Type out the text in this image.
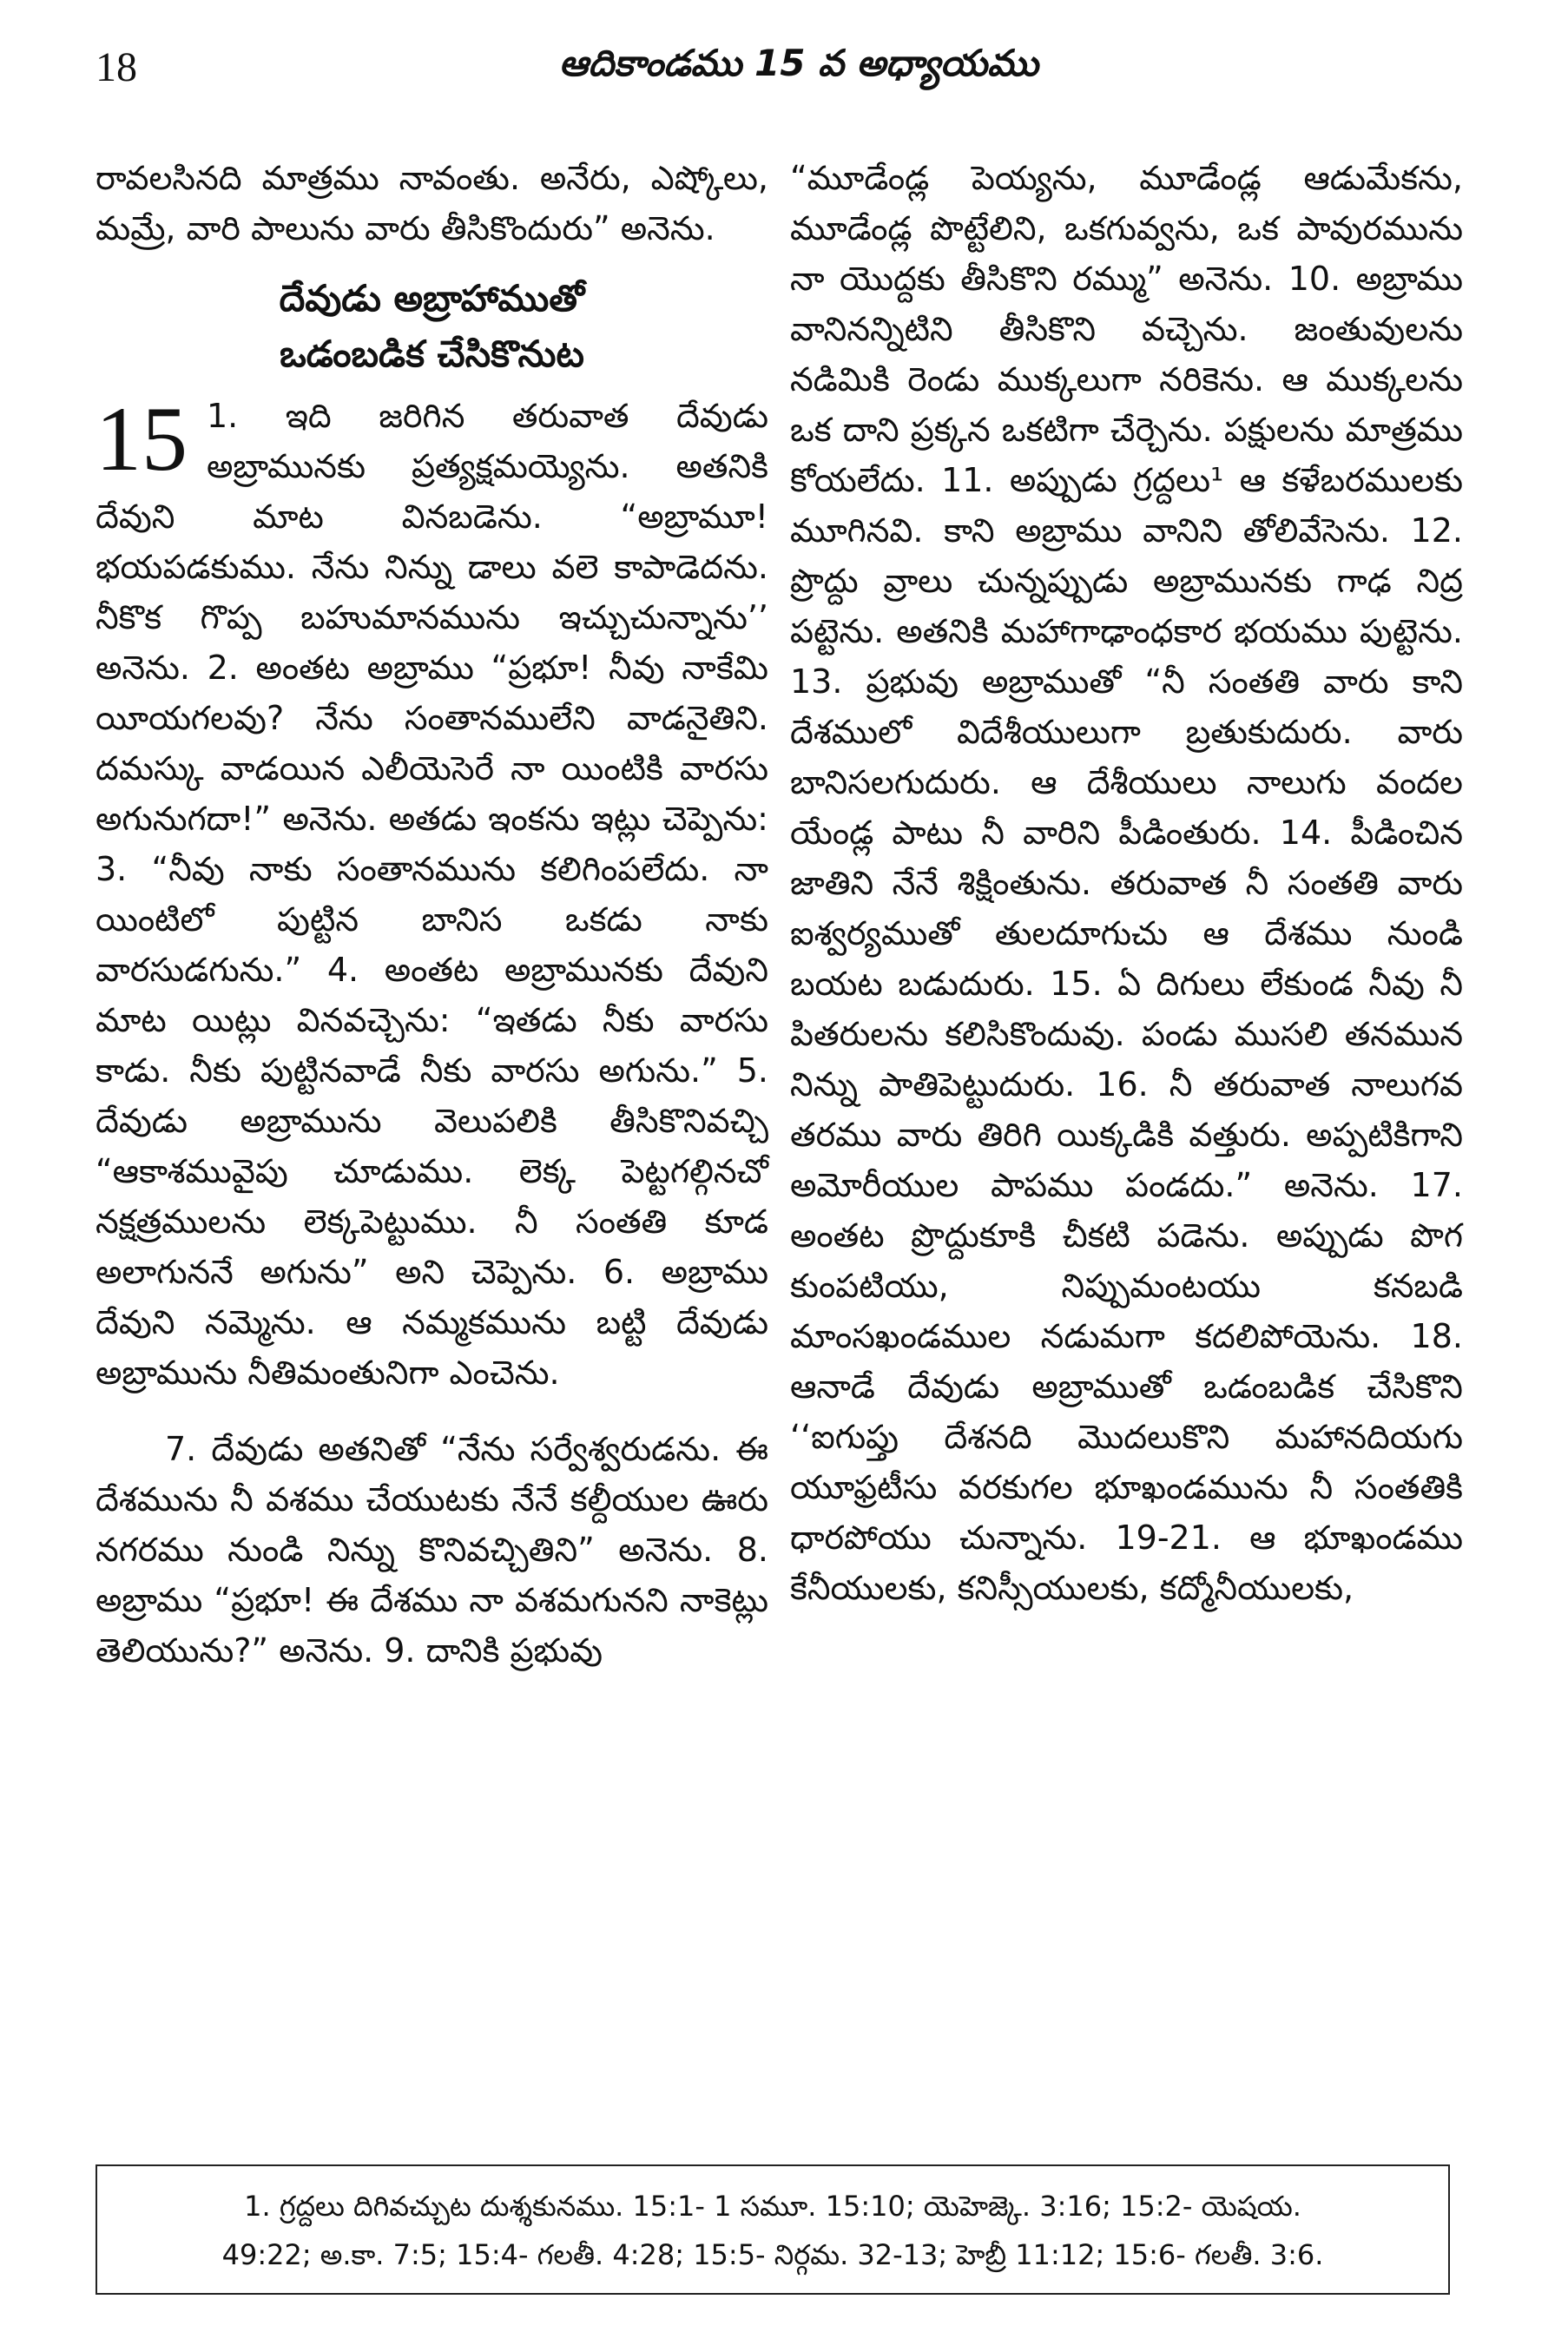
18	ఆదికాండము 15 వ అధ్యాయము

రావలసినది మాత్రము నావంతు. అనేరు, ఎష్కోలు, మమ్రే, వారి పాలును వారు తీసికొందురు” అనెను.

దేవుడు అబ్రాహాముతో
ఒడంబడిక చేసికొనుట
15 1. ఇది జరిగిన తరువాత దేవుడు అబ్రామునకు ప్రత్యక్షమయ్యెను. అతనికి దేవుని మాట వినబడెను. “అబ్రామూ! భయపడకుము. నేను నిన్ను డాలు వలె కాపాడెదను. నీకొక గొప్ప బహుమానమును ఇచ్చుచున్నాను’’ అనెను. 2. అంతట అబ్రాము “ప్రభూ! నీవు నాకేమి యీయగలవు? నేను సంతానములేని వాడనైతిని. దమస్కు వాడయిన ఎలీయెసెరే నా యింటికి వారసు అగునుగదా!” అనెను. అతడు ఇంకను ఇట్లు చెప్పెను: 3. “నీవు నాకు సంతానమును కలిగింపలేదు. నా యింటిలో పుట్టిన బానిస ఒకడు నాకు వారసుడగును.” 4. అంతట అబ్రామునకు దేవుని మాట యిట్లు వినవచ్చెను: “ఇతడు నీకు వారసు కాడు. నీకు పుట్టినవాడే నీకు వారసు అగును.” 5. దేవుడు అబ్రామును వెలుపలికి తీసికొనివచ్చి “ఆకాశమువైపు చూడుము. లెక్క పెట్టగల్గినచో నక్షత్రములను లెక్కపెట్టుము. నీ సంతతి కూడ అలాగుననే అగును” అని చెప్పెను. 6. అబ్రాము దేవుని నమ్మెను. ఆ నమ్మకమును బట్టి దేవుడు అబ్రామును నీతిమంతునిగా ఎంచెను.

7. దేవుడు అతనితో “నేను సర్వేశ్వరుడను. ఈ దేశమును నీ వశము చేయుటకు నేనే కల్దీయుల ఊరు నగరము నుండి నిన్ను కొనివచ్చితిని” అనెను. 8. అబ్రాము “ప్రభూ! ఈ దేశము నా వశమగునని నాకెట్లు తెలియును?” అనెను. 9. దానికి ప్రభువు

“మూడేండ్ల పెయ్యను, మూడేండ్ల ఆడుమేకను, మూడేండ్ల పొట్టేలిని, ఒకగువ్వను, ఒక పావురమును నా యొద్దకు తీసికొని రమ్ము” అనెను. 10. అబ్రాము వానినన్నిటిని తీసికొని వచ్చెను. జంతువులను నడిమికి రెండు ముక్కలుగా నరికెను. ఆ ముక్కలను ఒక దాని ప్రక్కన ఒకటిగా చేర్చెను. పక్షులను మాత్రము కోయలేదు. 11. అప్పుడు గ్రద్దలు¹ ఆ కళేబరములకు మూగినవి. కాని అబ్రాము వానిని తోలివేసెను. 12. ప్రొద్దు వ్రాలు చున్నప్పుడు అబ్రామునకు గాఢ నిద్ర పట్టెను. అతనికి మహాగాఢాంధకార భయము పుట్టెను. 13. ప్రభువు అబ్రాముతో “నీ సంతతి వారు కాని దేశములో విదేశీయులుగా బ్రతుకుదురు. వారు బానిసలగుదురు. ఆ దేశీయులు నాలుగు వందల యేండ్ల పాటు నీ వారిని పీడింతురు. 14. పీడించిన జాతిని నేనే శిక్షింతును. తరువాత నీ సంతతి వారు ఐశ్వర్యముతో తులదూగుచు ఆ దేశము నుండి బయట బడుదురు. 15. ఏ దిగులు లేకుండ నీవు నీ పితరులను కలిసికొందువు. పండు ముసలి తనమున నిన్ను పాతిపెట్టుదురు. 16. నీ తరువాత నాలుగవ తరము వారు తిరిగి యిక్కడికి వత్తురు. అప్పటికిగాని అమోరీయుల పాపము పండదు.” అనెను. 17. అంతట ప్రొద్దుకూకి చీకటి పడెను. అప్పుడు పొగ కుంపటియు, నిప్పుమంటయు కనబడి మాంసఖండముల నడుమగా కదలిపోయెను. 18. ఆనాడే దేవుడు అబ్రాముతో ఒడంబడిక చేసికొని ‘‘ఐగుప్తు దేశనది మొదలుకొని మహానదియగు యూఫ్రటీసు వరకుగల భూఖండమును నీ సంతతికి ధారపోయు చున్నాను. 19-21. ఆ భూఖండము కేనీయులకు, కనిస్సీయులకు, కద్మోనీయులకు,

1. గ్రద్దలు దిగివచ్చుట దుశ్శకునము. 15:1- 1 సమూ. 15:10; యెహెజ్కె. 3:16; 15:2- యెషయ.
49:22; అ.కా. 7:5; 15:4- గలతీ. 4:28; 15:5- నిర్గమ. 32-13; హెబ్రీ 11:12; 15:6- గలతీ. 3:6.
